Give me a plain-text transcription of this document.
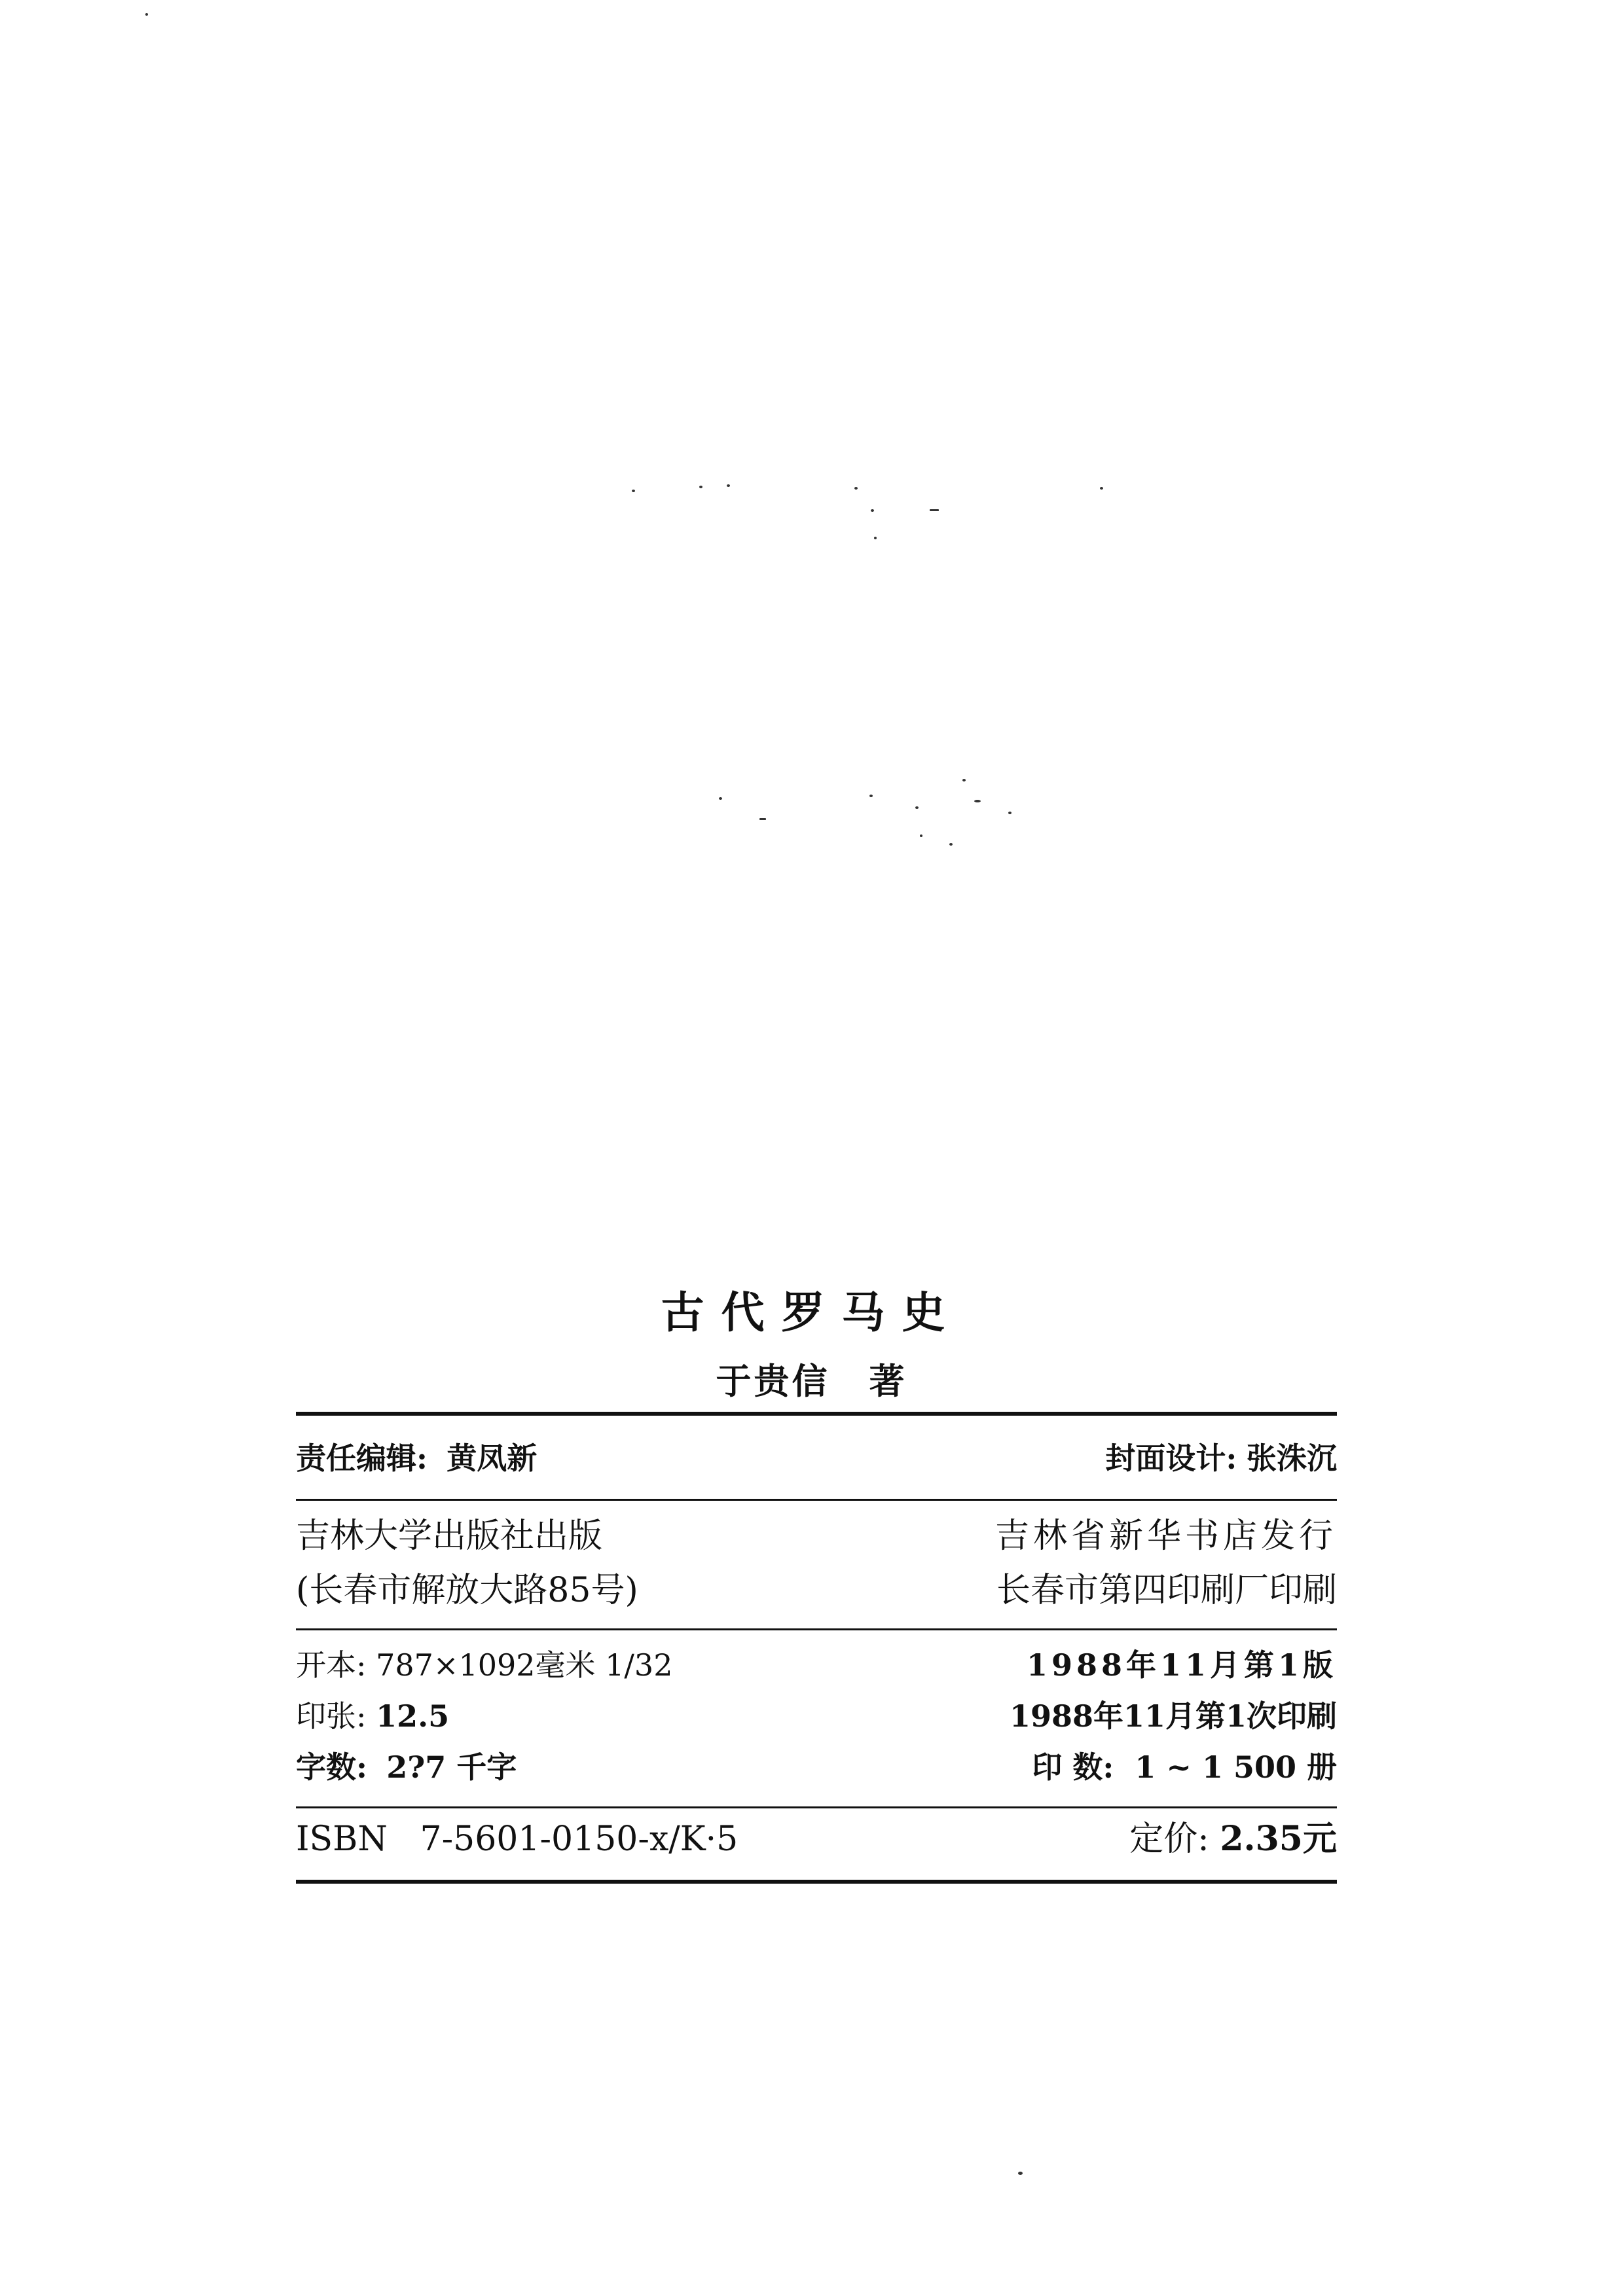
古代罗马史
于贵信 著
责任编辑: 黄凤新	封面设计: 张洙沉
吉林大学出版社出版	吉林省新华书店发行
(长春市解放大路85号)	长春市第四印刷厂印刷
开本: 787×1092毫米 1/32	1988年11月第1版
印张: 12.5	1988年11月第1次印刷
字数: 2?7 千字	印 数: 1 ~ 1 500 册
ISBN 7-5601-0150-x/K·5	定价: 2.35元
